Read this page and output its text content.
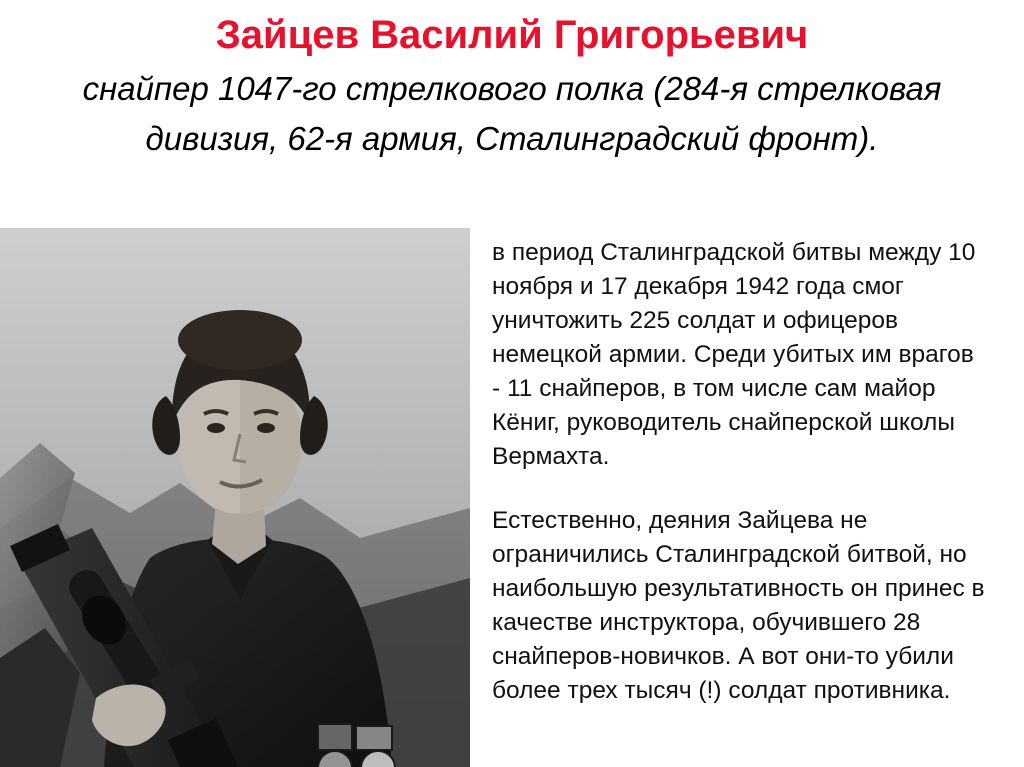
Зайцев Василий Григорьевич

снайпер 1047-го стрелкового полка (284-я стрелковая дивизия, 62-я армия, Сталинградский фронт).

в период Сталинградской битвы между 10 ноября и 17 декабря 1942 года смог уничтожить 225 солдат и офицеров немецкой армии. Среди убитых им врагов - 11 снайперов, в том числе сам майор Кёниг, руководитель снайперской школы Вермахта.

Естественно, деяния Зайцева не ограничились Сталинградской битвой, но наибольшую результативность он принес в качестве инструктора, обучившего 28 снайперов-новичков. А вот они-то убили более трех тысяч (!) солдат противника.
